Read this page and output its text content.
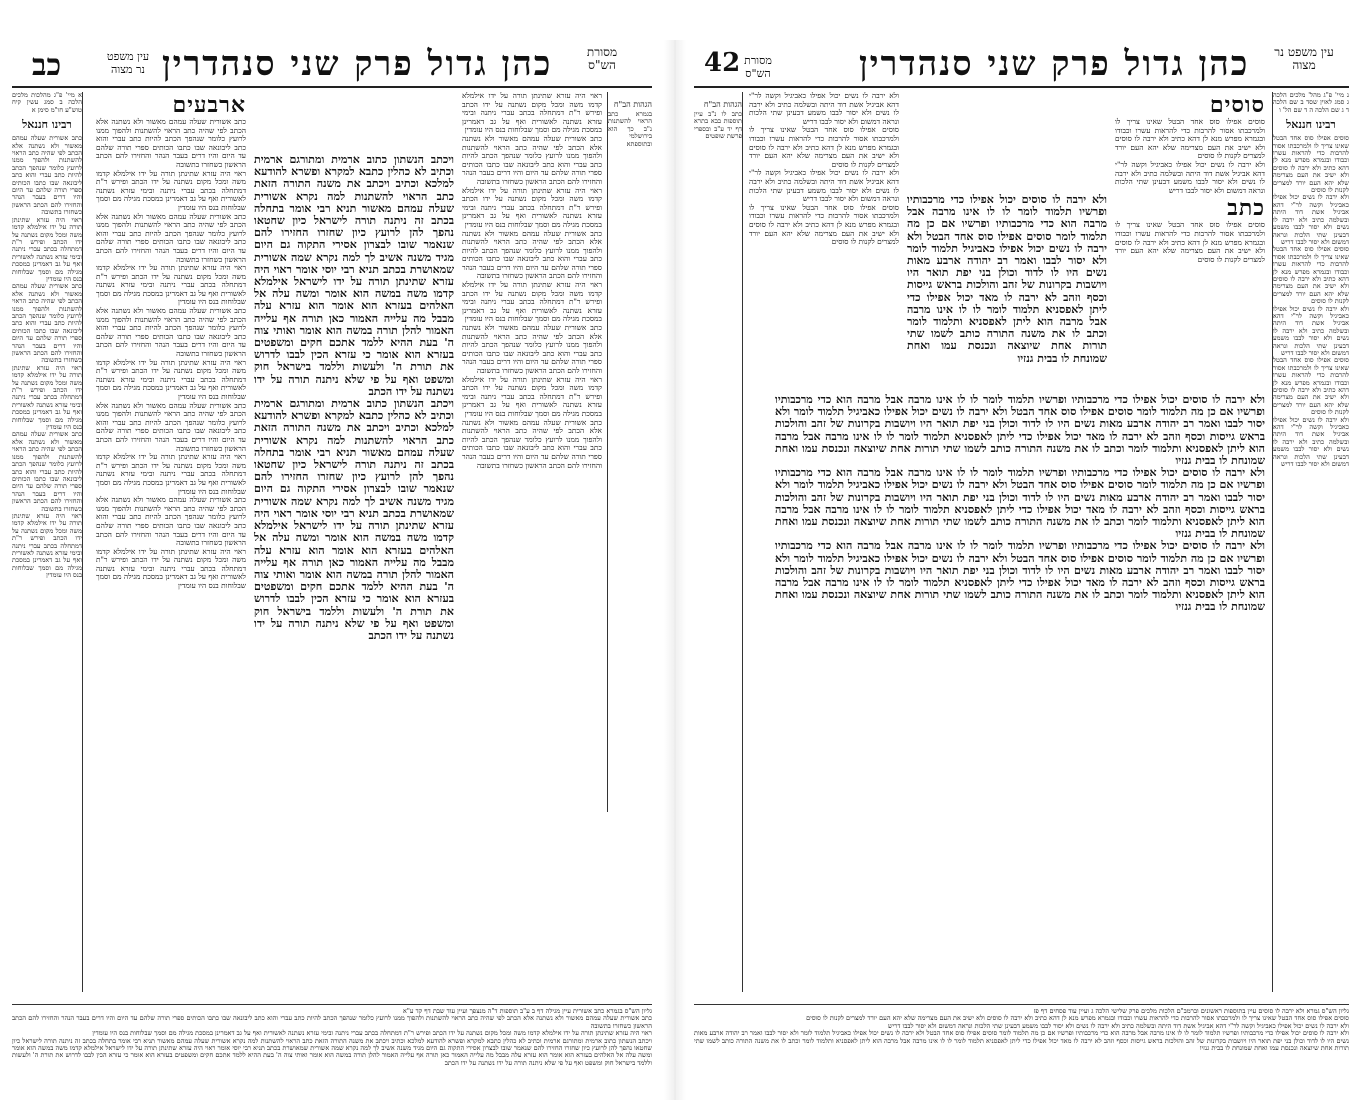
מסורת הש"ס
כהן גדול פרק שני סנהדרין
עין משפט נר מצוה
כב
הגהות הב"ח
בגמרא כתב הראוי להשתנות נ"ב כך הוא בירושלמי ובתוספתא
ראוי היה עזרא שתינתן תורה על ידו אילמלא קדמו משה ומכל מקום נשתנה על ידו הכתב ופירש ר"ת דמתחלה בכתב עברי ניתנה ובימי עזרא נשתנה לאשורית ואף על גב דאמרינן במסכת מגילה מם וסמך שבלוחות בנס היו עומדין
כתב אשורית שעלה עמהם מאשור ולא נשתנה אלא הכתב לפי שהיה כתב הראוי להשתנות ולהפוך ממנו לרועץ כלומר שנהפך הכתב להיות כתב עברי והוא כתב ליבונאה שבו כתבו הכותים ספרי תורה שלהם עד היום והיו דרים בעבר הנהר והחזירו להם הכתב הראשון כשחזרו בתשובה
ראוי היה עזרא שתינתן תורה על ידו אילמלא קדמו משה ומכל מקום נשתנה על ידו הכתב ופירש ר"ת דמתחלה בכתב עברי ניתנה ובימי עזרא נשתנה לאשורית ואף על גב דאמרינן במסכת מגילה מם וסמך שבלוחות בנס היו עומדין
כתב אשורית שעלה עמהם מאשור ולא נשתנה אלא הכתב לפי שהיה כתב הראוי להשתנות ולהפוך ממנו לרועץ כלומר שנהפך הכתב להיות כתב עברי והוא כתב ליבונאה שבו כתבו הכותים ספרי תורה שלהם עד היום והיו דרים בעבר הנהר והחזירו להם הכתב הראשון כשחזרו בתשובה
ראוי היה עזרא שתינתן תורה על ידו אילמלא קדמו משה ומכל מקום נשתנה על ידו הכתב ופירש ר"ת דמתחלה בכתב עברי ניתנה ובימי עזרא נשתנה לאשורית ואף על גב דאמרינן במסכת מגילה מם וסמך שבלוחות בנס היו עומדין
כתב אשורית שעלה עמהם מאשור ולא נשתנה אלא הכתב לפי שהיה כתב הראוי להשתנות ולהפוך ממנו לרועץ כלומר שנהפך הכתב להיות כתב עברי והוא כתב ליבונאה שבו כתבו הכותים ספרי תורה שלהם עד היום והיו דרים בעבר הנהר והחזירו להם הכתב הראשון כשחזרו בתשובה
ראוי היה עזרא שתינתן תורה על ידו אילמלא קדמו משה ומכל מקום נשתנה על ידו הכתב ופירש ר"ת דמתחלה בכתב עברי ניתנה ובימי עזרא נשתנה לאשורית ואף על גב דאמרינן במסכת מגילה מם וסמך שבלוחות בנס היו עומדין
כתב אשורית שעלה עמהם מאשור ולא נשתנה אלא הכתב לפי שהיה כתב הראוי להשתנות ולהפוך ממנו לרועץ כלומר שנהפך הכתב להיות כתב עברי והוא כתב ליבונאה שבו כתבו הכותים ספרי תורה שלהם עד היום והיו דרים בעבר הנהר והחזירו להם הכתב הראשון כשחזרו בתשובה
ויכתב הנשתון כתוב ארמית ומתורגם ארמית וכתיב לא כהלין כתבא למקרא ופשרא להודעא למלכא וכתיב ויכתב את משנה התורה הזאת כתב הראוי להשתנות למה נקרא אשורית שעלה עמהם מאשור תניא רבי אומר בתחלה בכתב זה ניתנה תורה לישראל כיון שחטאו נהפך להן לרועץ כיון שחזרו החזירו להם שנאמר שובו לבצרון אסירי התקוה גם היום מגיד משנה אשיב לך למה נקרא שמה אשורית שמאושרת בכתב תניא רבי יוסי אומר ראוי היה עזרא שתינתן תורה על ידו לישראל אילמלא קדמו משה במשה הוא אומר ומשה עלה אל האלהים בעזרא הוא אומר הוא עזרא עלה מבבל מה עלייה האמור כאן תורה אף עלייה האמור להלן תורה במשה הוא אומר ואותי צוה ה' בעת ההיא ללמד אתכם חקים ומשפטים בעזרא הוא אומר כי עזרא הכין לבבו לדרוש את תורת ה' ולעשות וללמד בישראל חוק ומשפט ואף על פי שלא ניתנה תורה על ידו נשתנה על ידו הכתב
ויכתב הנשתון כתוב ארמית ומתורגם ארמית וכתיב לא כהלין כתבא למקרא ופשרא להודעא למלכא וכתיב ויכתב את משנה התורה הזאת כתב הראוי להשתנות למה נקרא אשורית שעלה עמהם מאשור תניא רבי אומר בתחלה בכתב זה ניתנה תורה לישראל כיון שחטאו נהפך להן לרועץ כיון שחזרו החזירו להם שנאמר שובו לבצרון אסירי התקוה גם היום מגיד משנה אשיב לך למה נקרא שמה אשורית שמאושרת בכתב תניא רבי יוסי אומר ראוי היה עזרא שתינתן תורה על ידו לישראל אילמלא קדמו משה במשה הוא אומר ומשה עלה אל האלהים בעזרא הוא אומר הוא עזרא עלה מבבל מה עלייה האמור כאן תורה אף עלייה האמור להלן תורה במשה הוא אומר ואותי צוה ה' בעת ההיא ללמד אתכם חקים ומשפטים בעזרא הוא אומר כי עזרא הכין לבבו לדרוש את תורת ה' ולעשות וללמד בישראל חוק ומשפט ואף על פי שלא ניתנה תורה על ידו נשתנה על ידו הכתב
ארבעים
כתב אשורית שעלה עמהם מאשור ולא נשתנה אלא הכתב לפי שהיה כתב הראוי להשתנות ולהפוך ממנו לרועץ כלומר שנהפך הכתב להיות כתב עברי והוא כתב ליבונאה שבו כתבו הכותים ספרי תורה שלהם עד היום והיו דרים בעבר הנהר והחזירו להם הכתב הראשון כשחזרו בתשובה
ראוי היה עזרא שתינתן תורה על ידו אילמלא קדמו משה ומכל מקום נשתנה על ידו הכתב ופירש ר"ת דמתחלה בכתב עברי ניתנה ובימי עזרא נשתנה לאשורית ואף על גב דאמרינן במסכת מגילה מם וסמך שבלוחות בנס היו עומדין
כתב אשורית שעלה עמהם מאשור ולא נשתנה אלא הכתב לפי שהיה כתב הראוי להשתנות ולהפוך ממנו לרועץ כלומר שנהפך הכתב להיות כתב עברי והוא כתב ליבונאה שבו כתבו הכותים ספרי תורה שלהם עד היום והיו דרים בעבר הנהר והחזירו להם הכתב הראשון כשחזרו בתשובה
ראוי היה עזרא שתינתן תורה על ידו אילמלא קדמו משה ומכל מקום נשתנה על ידו הכתב ופירש ר"ת דמתחלה בכתב עברי ניתנה ובימי עזרא נשתנה לאשורית ואף על גב דאמרינן במסכת מגילה מם וסמך שבלוחות בנס היו עומדין
כתב אשורית שעלה עמהם מאשור ולא נשתנה אלא הכתב לפי שהיה כתב הראוי להשתנות ולהפוך ממנו לרועץ כלומר שנהפך הכתב להיות כתב עברי והוא כתב ליבונאה שבו כתבו הכותים ספרי תורה שלהם עד היום והיו דרים בעבר הנהר והחזירו להם הכתב הראשון כשחזרו בתשובה
ראוי היה עזרא שתינתן תורה על ידו אילמלא קדמו משה ומכל מקום נשתנה על ידו הכתב ופירש ר"ת דמתחלה בכתב עברי ניתנה ובימי עזרא נשתנה לאשורית ואף על גב דאמרינן במסכת מגילה מם וסמך שבלוחות בנס היו עומדין
כתב אשורית שעלה עמהם מאשור ולא נשתנה אלא הכתב לפי שהיה כתב הראוי להשתנות ולהפוך ממנו לרועץ כלומר שנהפך הכתב להיות כתב עברי והוא כתב ליבונאה שבו כתבו הכותים ספרי תורה שלהם עד היום והיו דרים בעבר הנהר והחזירו להם הכתב הראשון כשחזרו בתשובה
ראוי היה עזרא שתינתן תורה על ידו אילמלא קדמו משה ומכל מקום נשתנה על ידו הכתב ופירש ר"ת דמתחלה בכתב עברי ניתנה ובימי עזרא נשתנה לאשורית ואף על גב דאמרינן במסכת מגילה מם וסמך שבלוחות בנס היו עומדין
כתב אשורית שעלה עמהם מאשור ולא נשתנה אלא הכתב לפי שהיה כתב הראוי להשתנות ולהפוך ממנו לרועץ כלומר שנהפך הכתב להיות כתב עברי והוא כתב ליבונאה שבו כתבו הכותים ספרי תורה שלהם עד היום והיו דרים בעבר הנהר והחזירו להם הכתב הראשון כשחזרו בתשובה
ראוי היה עזרא שתינתן תורה על ידו אילמלא קדמו משה ומכל מקום נשתנה על ידו הכתב ופירש ר"ת דמתחלה בכתב עברי ניתנה ובימי עזרא נשתנה לאשורית ואף על גב דאמרינן במסכת מגילה מם וסמך שבלוחות בנס היו עומדין
א מיי' פ"ג מהלכות מלכים הלכה ב סמג עשין קיח טוש"ע חו"מ סימן א
רבינו חננאל
כתב אשורית שעלה עמהם מאשור ולא נשתנה אלא הכתב לפי שהיה כתב הראוי להשתנות ולהפוך ממנו לרועץ כלומר שנהפך הכתב להיות כתב עברי והוא כתב ליבונאה שבו כתבו הכותים ספרי תורה שלהם עד היום והיו דרים בעבר הנהר והחזירו להם הכתב הראשון כשחזרו בתשובה
ראוי היה עזרא שתינתן תורה על ידו אילמלא קדמו משה ומכל מקום נשתנה על ידו הכתב ופירש ר"ת דמתחלה בכתב עברי ניתנה ובימי עזרא נשתנה לאשורית ואף על גב דאמרינן במסכת מגילה מם וסמך שבלוחות בנס היו עומדין
כתב אשורית שעלה עמהם מאשור ולא נשתנה אלא הכתב לפי שהיה כתב הראוי להשתנות ולהפוך ממנו לרועץ כלומר שנהפך הכתב להיות כתב עברי והוא כתב ליבונאה שבו כתבו הכותים ספרי תורה שלהם עד היום והיו דרים בעבר הנהר והחזירו להם הכתב הראשון כשחזרו בתשובה
ראוי היה עזרא שתינתן תורה על ידו אילמלא קדמו משה ומכל מקום נשתנה על ידו הכתב ופירש ר"ת דמתחלה בכתב עברי ניתנה ובימי עזרא נשתנה לאשורית ואף על גב דאמרינן במסכת מגילה מם וסמך שבלוחות בנס היו עומדין
כתב אשורית שעלה עמהם מאשור ולא נשתנה אלא הכתב לפי שהיה כתב הראוי להשתנות ולהפוך ממנו לרועץ כלומר שנהפך הכתב להיות כתב עברי והוא כתב ליבונאה שבו כתבו הכותים ספרי תורה שלהם עד היום והיו דרים בעבר הנהר והחזירו להם הכתב הראשון כשחזרו בתשובה
ראוי היה עזרא שתינתן תורה על ידו אילמלא קדמו משה ומכל מקום נשתנה על ידו הכתב ופירש ר"ת דמתחלה בכתב עברי ניתנה ובימי עזרא נשתנה לאשורית ואף על גב דאמרינן במסכת מגילה מם וסמך שבלוחות בנס היו עומדין
גליון הש"ס בגמרא כתב אשורית עיין מגילה דף ב ע"ב תוספות ד"ה מנצפך ועיין עוד שבת דף קד ע"א
כתב אשורית שעלה עמהם מאשור ולא נשתנה אלא הכתב לפי שהיה כתב הראוי להשתנות ולהפוך ממנו לרועץ כלומר שנהפך הכתב להיות כתב עברי והוא כתב ליבונאה שבו כתבו הכותים ספרי תורה שלהם עד היום והיו דרים בעבר הנהר והחזירו להם הכתב הראשון כשחזרו בתשובה
ראוי היה עזרא שתינתן תורה על ידו אילמלא קדמו משה ומכל מקום נשתנה על ידו הכתב ופירש ר"ת דמתחלה בכתב עברי ניתנה ובימי עזרא נשתנה לאשורית ואף על גב דאמרינן במסכת מגילה מם וסמך שבלוחות בנס היו עומדין
ויכתב הנשתון כתוב ארמית ומתורגם ארמית וכתיב לא כהלין כתבא למקרא ופשרא להודעא למלכא וכתיב ויכתב את משנה התורה הזאת כתב הראוי להשתנות למה נקרא אשורית שעלה עמהם מאשור תניא רבי אומר בתחלה בכתב זה ניתנה תורה לישראל כיון שחטאו נהפך להן לרועץ כיון שחזרו החזירו להם שנאמר שובו לבצרון אסירי התקוה גם היום מגיד משנה אשיב לך למה נקרא שמה אשורית שמאושרת בכתב תניא רבי יוסי אומר ראוי היה עזרא שתינתן תורה על ידו לישראל אילמלא קדמו משה במשה הוא אומר ומשה עלה אל האלהים בעזרא הוא אומר הוא עזרא עלה מבבל מה עלייה האמור כאן תורה אף עלייה האמור להלן תורה במשה הוא אומר ואותי צוה ה' בעת ההיא ללמד אתכם חקים ומשפטים בעזרא הוא אומר כי עזרא הכין לבבו לדרוש את תורת ה' ולעשות וללמד בישראל חוק ומשפט ואף על פי שלא ניתנה תורה על ידו נשתנה על ידו הכתב
עין משפט נר מצוה
כהן גדול פרק שני סנהדרין
מסורת הש"ס
42
נ מיי' פ"ג מהל' מלכים הלכה ג סמג לאוין שסד ב שם הלכה ד ג שם הלכה ה ד שם הל' ו
רבינו חננאל
סוסים אפילו סוס אחד הבטל שאינו צריך לו ולמרכבתו אסור להרבות כדי להראות עשרו וכבודו ובגמרא מפרש מנא לן דהא כתיב ולא ירבה לו סוסים ולא ישיב את העם מצרימה שלא יהא העם יורד למצרים לקנות לו סוסים
ולא ירבה לו נשים יכול אפילו כאביגיל וקשה לר"י דהא אביגיל אשת דוד היתה ובשלמה כתיב ולא ירבה לו נשים ולא יסור לבבו משמע דבעינן שתי הלכות ונראה דמשום ולא יסור לבבו דריש
סוסים אפילו סוס אחד הבטל שאינו צריך לו ולמרכבתו אסור להרבות כדי להראות עשרו וכבודו ובגמרא מפרש מנא לן דהא כתיב ולא ירבה לו סוסים ולא ישיב את העם מצרימה שלא יהא העם יורד למצרים לקנות לו סוסים
ולא ירבה לו נשים יכול אפילו כאביגיל וקשה לר"י דהא אביגיל אשת דוד היתה ובשלמה כתיב ולא ירבה לו נשים ולא יסור לבבו משמע דבעינן שתי הלכות ונראה דמשום ולא יסור לבבו דריש
סוסים אפילו סוס אחד הבטל שאינו צריך לו ולמרכבתו אסור להרבות כדי להראות עשרו וכבודו ובגמרא מפרש מנא לן דהא כתיב ולא ירבה לו סוסים ולא ישיב את העם מצרימה שלא יהא העם יורד למצרים לקנות לו סוסים
ולא ירבה לו נשים יכול אפילו כאביגיל וקשה לר"י דהא אביגיל אשת דוד היתה ובשלמה כתיב ולא ירבה לו נשים ולא יסור לבבו משמע דבעינן שתי הלכות ונראה דמשום ולא יסור לבבו דריש
סוסים
סוסים אפילו סוס אחד הבטל שאינו צריך לו ולמרכבתו אסור להרבות כדי להראות עשרו וכבודו ובגמרא מפרש מנא לן דהא כתיב ולא ירבה לו סוסים ולא ישיב את העם מצרימה שלא יהא העם יורד למצרים לקנות לו סוסים
ולא ירבה לו נשים יכול אפילו כאביגיל וקשה לר"י דהא אביגיל אשת דוד היתה ובשלמה כתיב ולא ירבה לו נשים ולא יסור לבבו משמע דבעינן שתי הלכות ונראה דמשום ולא יסור לבבו דריש
כתב
סוסים אפילו סוס אחד הבטל שאינו צריך לו ולמרכבתו אסור להרבות כדי להראות עשרו וכבודו ובגמרא מפרש מנא לן דהא כתיב ולא ירבה לו סוסים ולא ישיב את העם מצרימה שלא יהא העם יורד למצרים לקנות לו סוסים
ולא ירבה לו סוסים יכול אפילו כדי מרכבותיו ופרשיו תלמוד לומר לו לו אינו מרבה אבל מרבה הוא כדי מרכבותיו ופרשיו אם כן מה תלמוד לומר סוסים אפילו סוס אחד הבטל ולא ירבה לו נשים יכול אפילו כאביגיל תלמוד לומר ולא יסור לבבו ואמר רב יהודה ארבע מאות נשים היו לו לדוד וכולן בני יפת תואר היו ויושבות בקרונות של זהב והולכות בראש גייסות וכסף וזהב לא ירבה לו מאד יכול אפילו כדי ליתן לאפסניא תלמוד לומר לו לו אינו מרבה אבל מרבה הוא ליתן לאפסניא ותלמוד לומר וכתב לו את משנה התורה כותב לשמו שתי תורות אחת שיוצאה ונכנסת עמו ואחת שמונחת לו בבית גנזיו
ולא ירבה לו סוסים יכול אפילו כדי מרכבותיו ופרשיו תלמוד לומר לו לו אינו מרבה אבל מרבה הוא כדי מרכבותיו ופרשיו אם כן מה תלמוד לומר סוסים אפילו סוס אחד הבטל ולא ירבה לו נשים יכול אפילו כאביגיל תלמוד לומר ולא יסור לבבו ואמר רב יהודה ארבע מאות נשים היו לו לדוד וכולן בני יפת תואר היו ויושבות בקרונות של זהב והולכות בראש גייסות וכסף וזהב לא ירבה לו מאד יכול אפילו כדי ליתן לאפסניא תלמוד לומר לו לו אינו מרבה אבל מרבה הוא ליתן לאפסניא ותלמוד לומר וכתב לו את משנה התורה כותב לשמו שתי תורות אחת שיוצאה ונכנסת עמו ואחת שמונחת לו בבית גנזיו
ולא ירבה לו סוסים יכול אפילו כדי מרכבותיו ופרשיו תלמוד לומר לו לו אינו מרבה אבל מרבה הוא כדי מרכבותיו ופרשיו אם כן מה תלמוד לומר סוסים אפילו סוס אחד הבטל ולא ירבה לו נשים יכול אפילו כאביגיל תלמוד לומר ולא יסור לבבו ואמר רב יהודה ארבע מאות נשים היו לו לדוד וכולן בני יפת תואר היו ויושבות בקרונות של זהב והולכות בראש גייסות וכסף וזהב לא ירבה לו מאד יכול אפילו כדי ליתן לאפסניא תלמוד לומר לו לו אינו מרבה אבל מרבה הוא ליתן לאפסניא ותלמוד לומר וכתב לו את משנה התורה כותב לשמו שתי תורות אחת שיוצאה ונכנסת עמו ואחת שמונחת לו בבית גנזיו
ולא ירבה לו סוסים יכול אפילו כדי מרכבותיו ופרשיו תלמוד לומר לו לו אינו מרבה אבל מרבה הוא כדי מרכבותיו ופרשיו אם כן מה תלמוד לומר סוסים אפילו סוס אחד הבטל ולא ירבה לו נשים יכול אפילו כאביגיל תלמוד לומר ולא יסור לבבו ואמר רב יהודה ארבע מאות נשים היו לו לדוד וכולן בני יפת תואר היו ויושבות בקרונות של זהב והולכות בראש גייסות וכסף וזהב לא ירבה לו מאד יכול אפילו כדי ליתן לאפסניא תלמוד לומר לו לו אינו מרבה אבל מרבה הוא ליתן לאפסניא ותלמוד לומר וכתב לו את משנה התורה כותב לשמו שתי תורות אחת שיוצאה ונכנסת עמו ואחת שמונחת לו בבית גנזיו
ולא ירבה לו נשים יכול אפילו כאביגיל וקשה לר"י דהא אביגיל אשת דוד היתה ובשלמה כתיב ולא ירבה לו נשים ולא יסור לבבו משמע דבעינן שתי הלכות ונראה דמשום ולא יסור לבבו דריש
סוסים אפילו סוס אחד הבטל שאינו צריך לו ולמרכבתו אסור להרבות כדי להראות עשרו וכבודו ובגמרא מפרש מנא לן דהא כתיב ולא ירבה לו סוסים ולא ישיב את העם מצרימה שלא יהא העם יורד למצרים לקנות לו סוסים
ולא ירבה לו נשים יכול אפילו כאביגיל וקשה לר"י דהא אביגיל אשת דוד היתה ובשלמה כתיב ולא ירבה לו נשים ולא יסור לבבו משמע דבעינן שתי הלכות ונראה דמשום ולא יסור לבבו דריש
סוסים אפילו סוס אחד הבטל שאינו צריך לו ולמרכבתו אסור להרבות כדי להראות עשרו וכבודו ובגמרא מפרש מנא לן דהא כתיב ולא ירבה לו סוסים ולא ישיב את העם מצרימה שלא יהא העם יורד למצרים לקנות לו סוסים
הגהות הב"ח
כתב לו נ"ב עיין תוספות בבא בתרא דף יד ע"ב ובספרי פרשת שופטים
גליון הש"ס גמרא ולא ירבה לו סוסים עיין בתוספות ראשונים וברמב"ם הלכות מלכים פרק שלישי הלכה ג ועיין עוד פסחים דף פז
סוסים אפילו סוס אחד הבטל שאינו צריך לו ולמרכבתו אסור להרבות כדי להראות עשרו וכבודו ובגמרא מפרש מנא לן דהא כתיב ולא ירבה לו סוסים ולא ישיב את העם מצרימה שלא יהא העם יורד למצרים לקנות לו סוסים
ולא ירבה לו נשים יכול אפילו כאביגיל וקשה לר"י דהא אביגיל אשת דוד היתה ובשלמה כתיב ולא ירבה לו נשים ולא יסור לבבו משמע דבעינן שתי הלכות ונראה דמשום ולא יסור לבבו דריש
ולא ירבה לו סוסים יכול אפילו כדי מרכבותיו ופרשיו תלמוד לומר לו לו אינו מרבה אבל מרבה הוא כדי מרכבותיו ופרשיו אם כן מה תלמוד לומר סוסים אפילו סוס אחד הבטל ולא ירבה לו נשים יכול אפילו כאביגיל תלמוד לומר ולא יסור לבבו ואמר רב יהודה ארבע מאות נשים היו לו לדוד וכולן בני יפת תואר היו ויושבות בקרונות של זהב והולכות בראש גייסות וכסף וזהב לא ירבה לו מאד יכול אפילו כדי ליתן לאפסניא תלמוד לומר לו לו אינו מרבה אבל מרבה הוא ליתן לאפסניא ותלמוד לומר וכתב לו את משנה התורה כותב לשמו שתי תורות אחת שיוצאה ונכנסת עמו ואחת שמונחת לו בבית גנזיו
